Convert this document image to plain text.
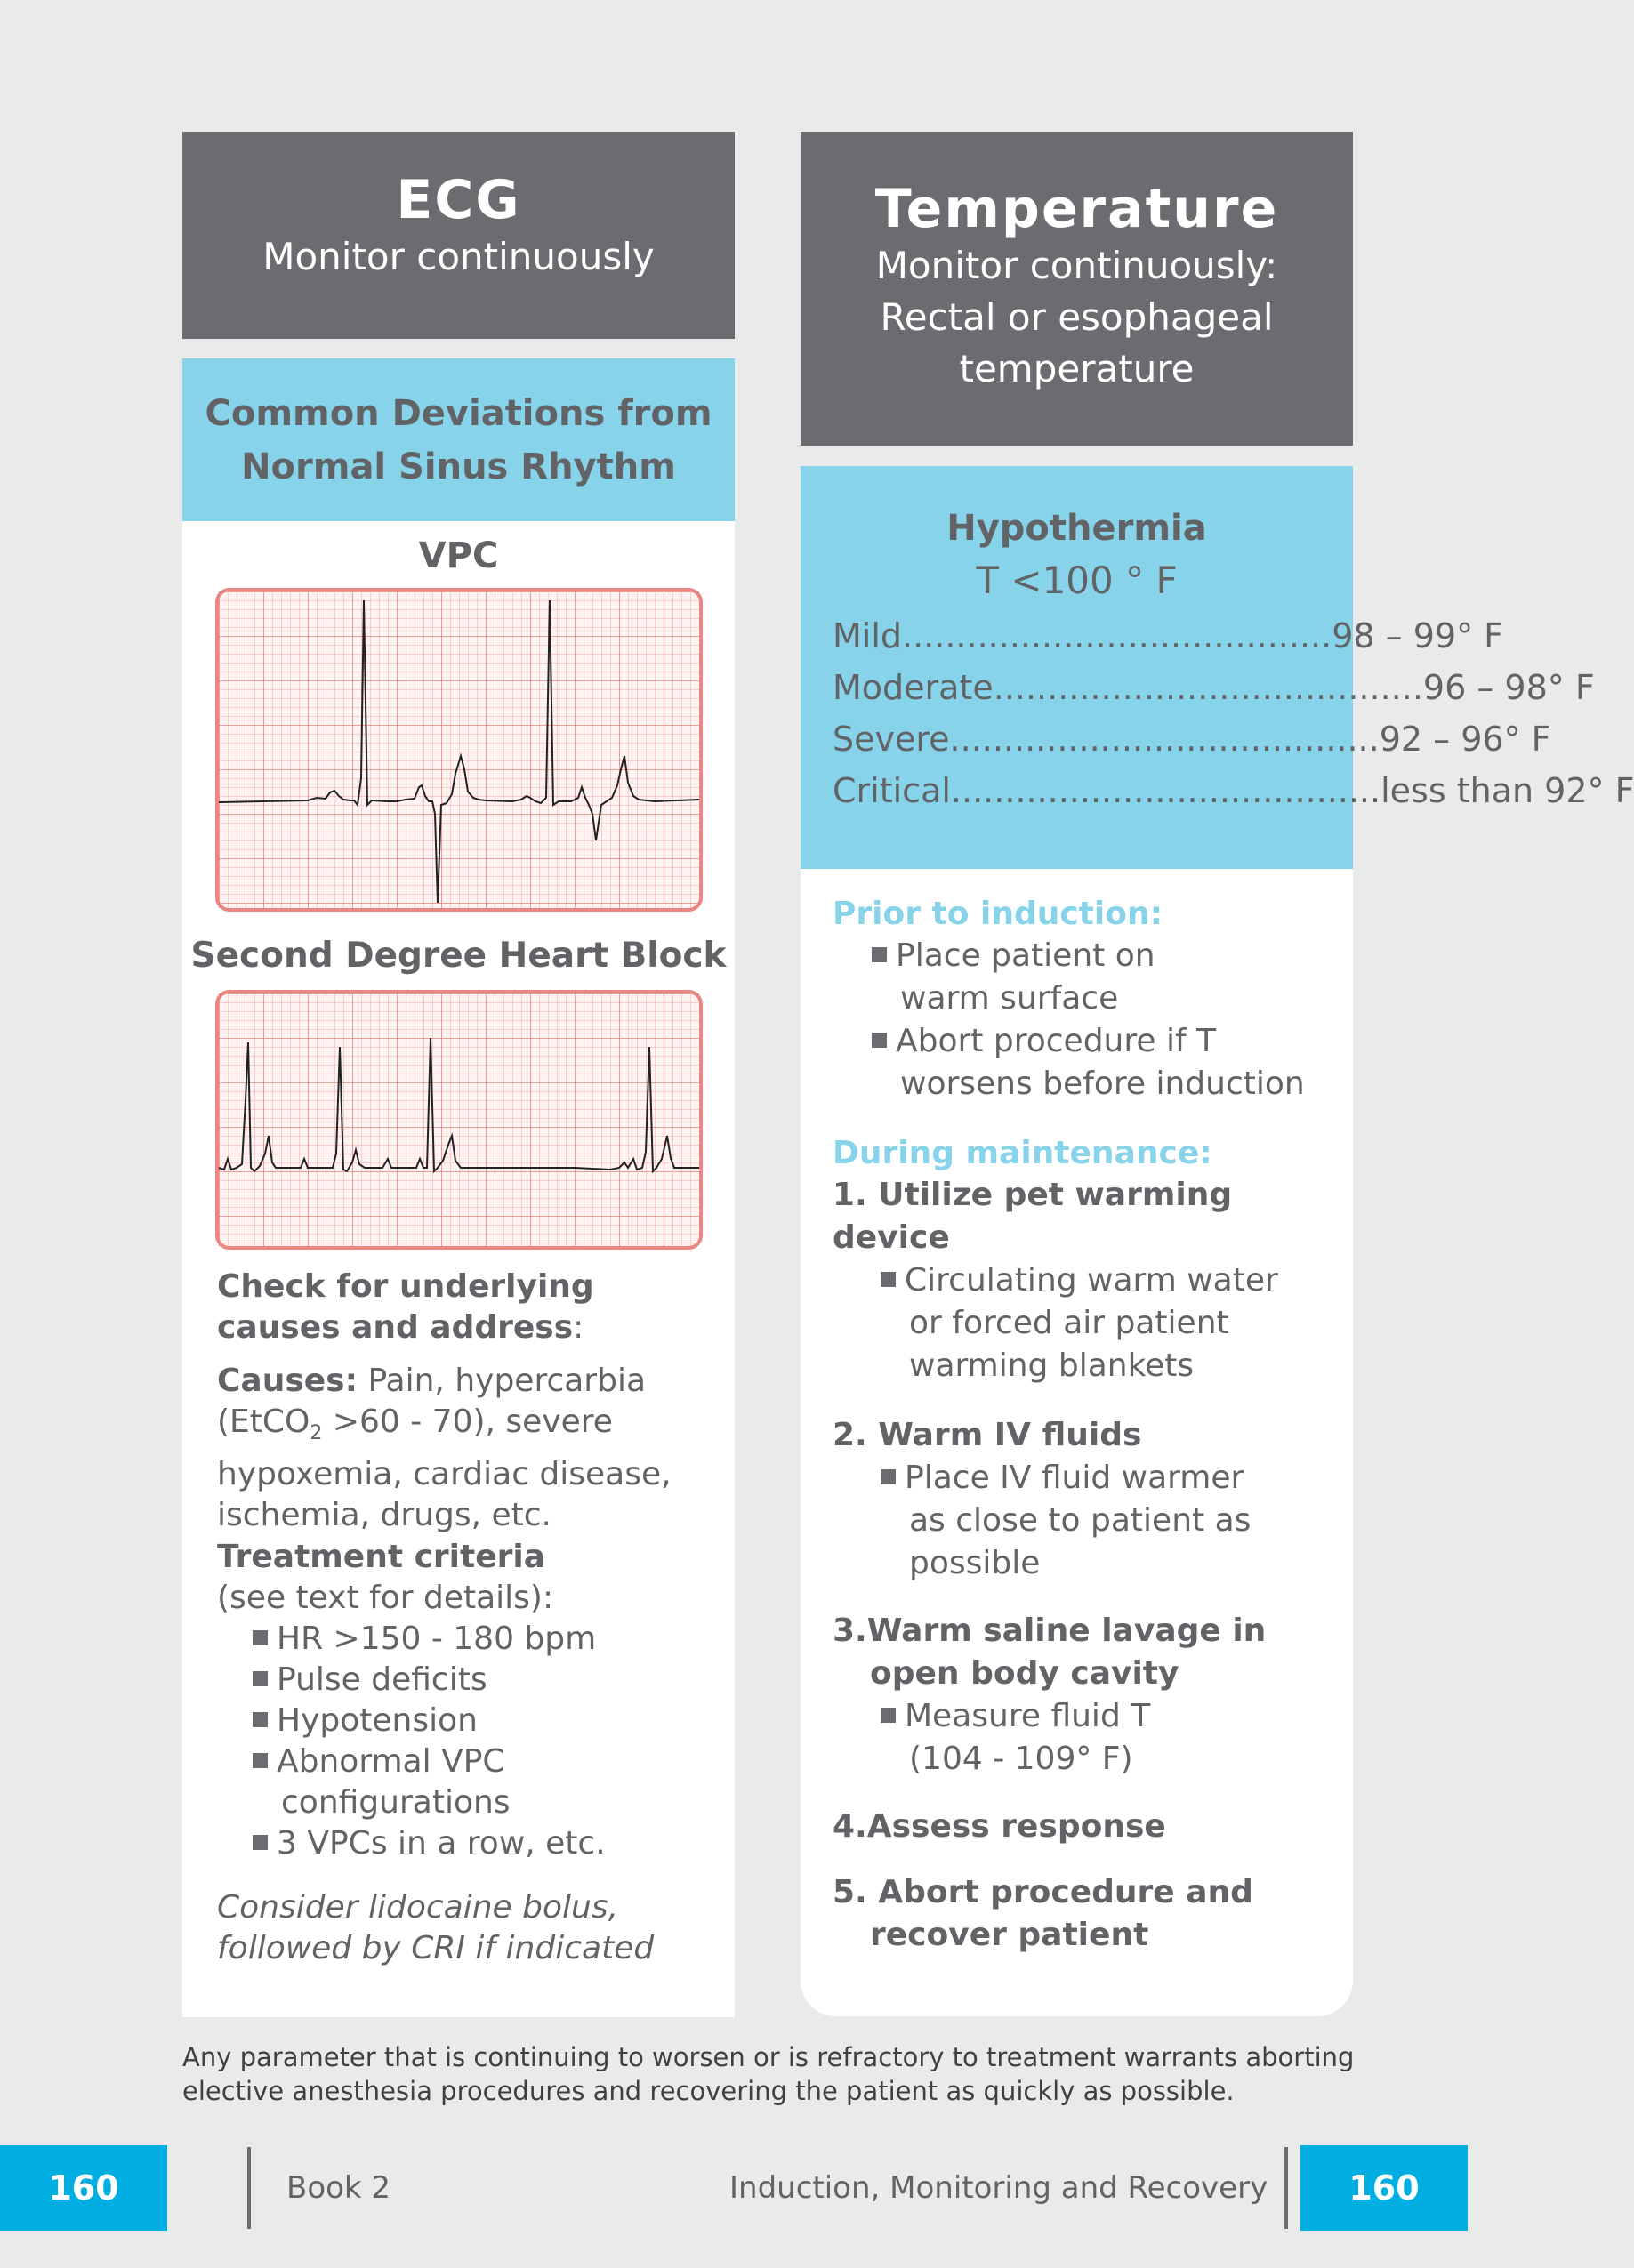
ECG
Monitor continuously
Common Deviations from
Normal Sinus Rhythm
VPC
Second Degree Heart Block
Check for underlying
causes and address:
Causes: Pain, hypercarbia
(EtCO$_2$ >60 - 70), severe
hypoxemia, cardiac disease,
ischemia, drugs, etc.
Treatment criteria
(see text for details):
HR >150 - 180 bpm
Pulse deficits
Hypotension
Abnormal VPC
configurations
3 VPCs in a row, etc.
Consider lidocaine bolus,
followed by CRI if indicated
Temperature
Monitor continuously:
Rectal or esophageal
temperature
Hypothermia
T <100 ° F
Mild ........................................ 98 – 99° F
Moderate ........................................ 96 – 98° F
Severe ........................................ 92 – 96° F
Critical ........................................ less than 92° F
Prior to induction:
Place patient on
warm surface
Abort procedure if T
worsens before induction
During maintenance:
1. Utilize pet warming
device
Circulating warm water
or forced air patient
warming blankets
2. Warm IV fluids
Place IV fluid warmer
as close to patient as
possible
3.Warm saline lavage in
open body cavity
Measure fluid T
(104 - 109° F)
4.Assess response
5. Abort procedure and
recover patient
Any parameter that is continuing to worsen or is refractory to treatment warrants aborting
elective anesthesia procedures and recovering the patient as quickly as possible.
160	Book 2	Induction, Monitoring and Recovery	160
